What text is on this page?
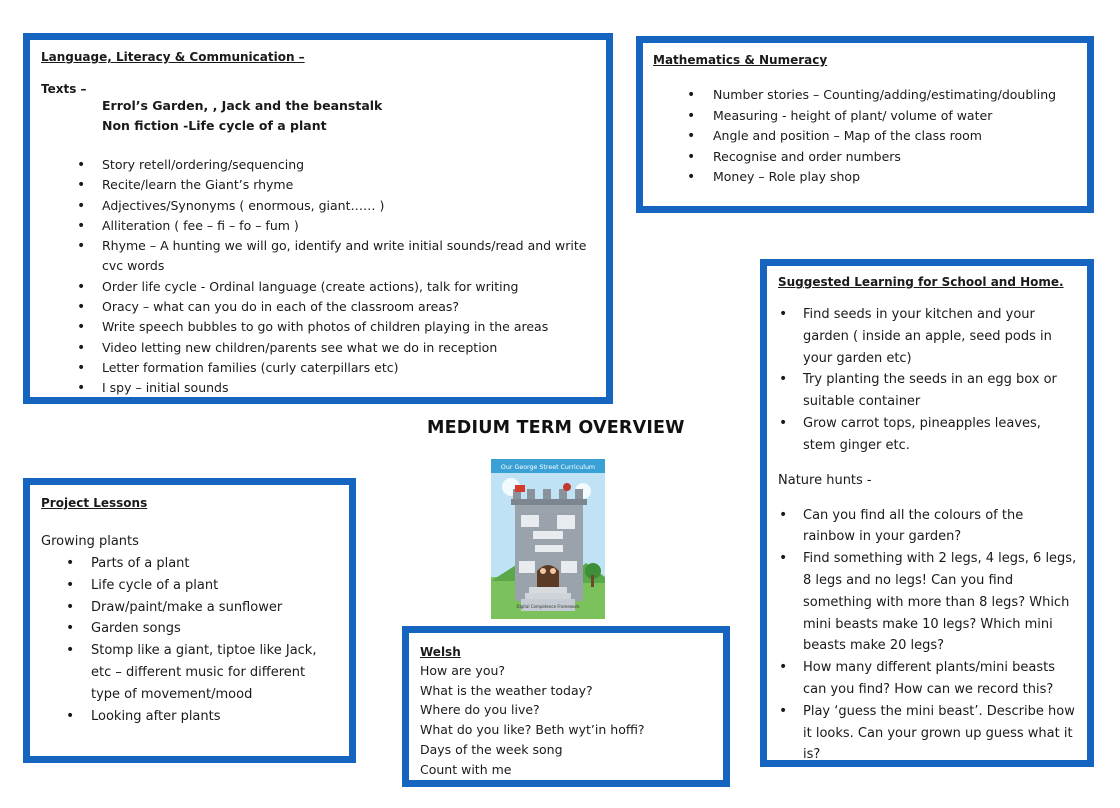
Language, Literacy & Communication –
Texts –
Errol’s Garden, , Jack and the beanstalk
Non fiction -Life cycle of a plant
• Story retell/ordering/sequencing
• Recite/learn the Giant’s rhyme
• Adjectives/Synonyms ( enormous, giant…… )
• Alliteration ( fee – fi – fo – fum )
• Rhyme – A hunting we will go, identify and write initial sounds/read and write cvc words
• Order life cycle - Ordinal language (create actions), talk for writing
• Oracy – what can you do in each of the classroom areas?
• Write speech bubbles to go with photos of children playing in the areas
• Video letting new children/parents see what we do in reception
• Letter formation families (curly caterpillars etc)
• I spy – initial sounds
Mathematics & Numeracy
• Number stories – Counting/adding/estimating/doubling
• Measuring - height of plant/ volume of water
• Angle and position – Map of the class room
• Recognise and order numbers
• Money – Role play shop
Suggested Learning for School and Home.
• Find seeds in your kitchen and your garden ( inside an apple, seed pods in your garden etc)
• Try planting the seeds in an egg box or suitable container
• Grow carrot tops, pineapples leaves, stem ginger etc.
Nature hunts -
• Can you find all the colours of the rainbow in your garden?
• Find something with 2 legs, 4 legs, 6 legs, 8 legs and no legs! Can you find something with more than 8 legs? Which mini beasts make 10 legs? Which mini beasts make 20 legs?
• How many different plants/mini beasts can you find? How can we record this?
• Play ‘guess the mini beast’. Describe how it looks. Can your grown up guess what it is?
MEDIUM TERM OVERVIEW
Our George Street Curriculum
Digital Competence Framework
Project Lessons
Growing plants
• Parts of a plant
• Life cycle of a plant
• Draw/paint/make a sunflower
• Garden songs
• Stomp like a giant, tiptoe like Jack, etc – different music for different type of movement/mood
• Looking after plants
Welsh
How are you?
What is the weather today?
Where do you live?
What do you like? Beth wyt’in hoffi?
Days of the week song
Count with me
